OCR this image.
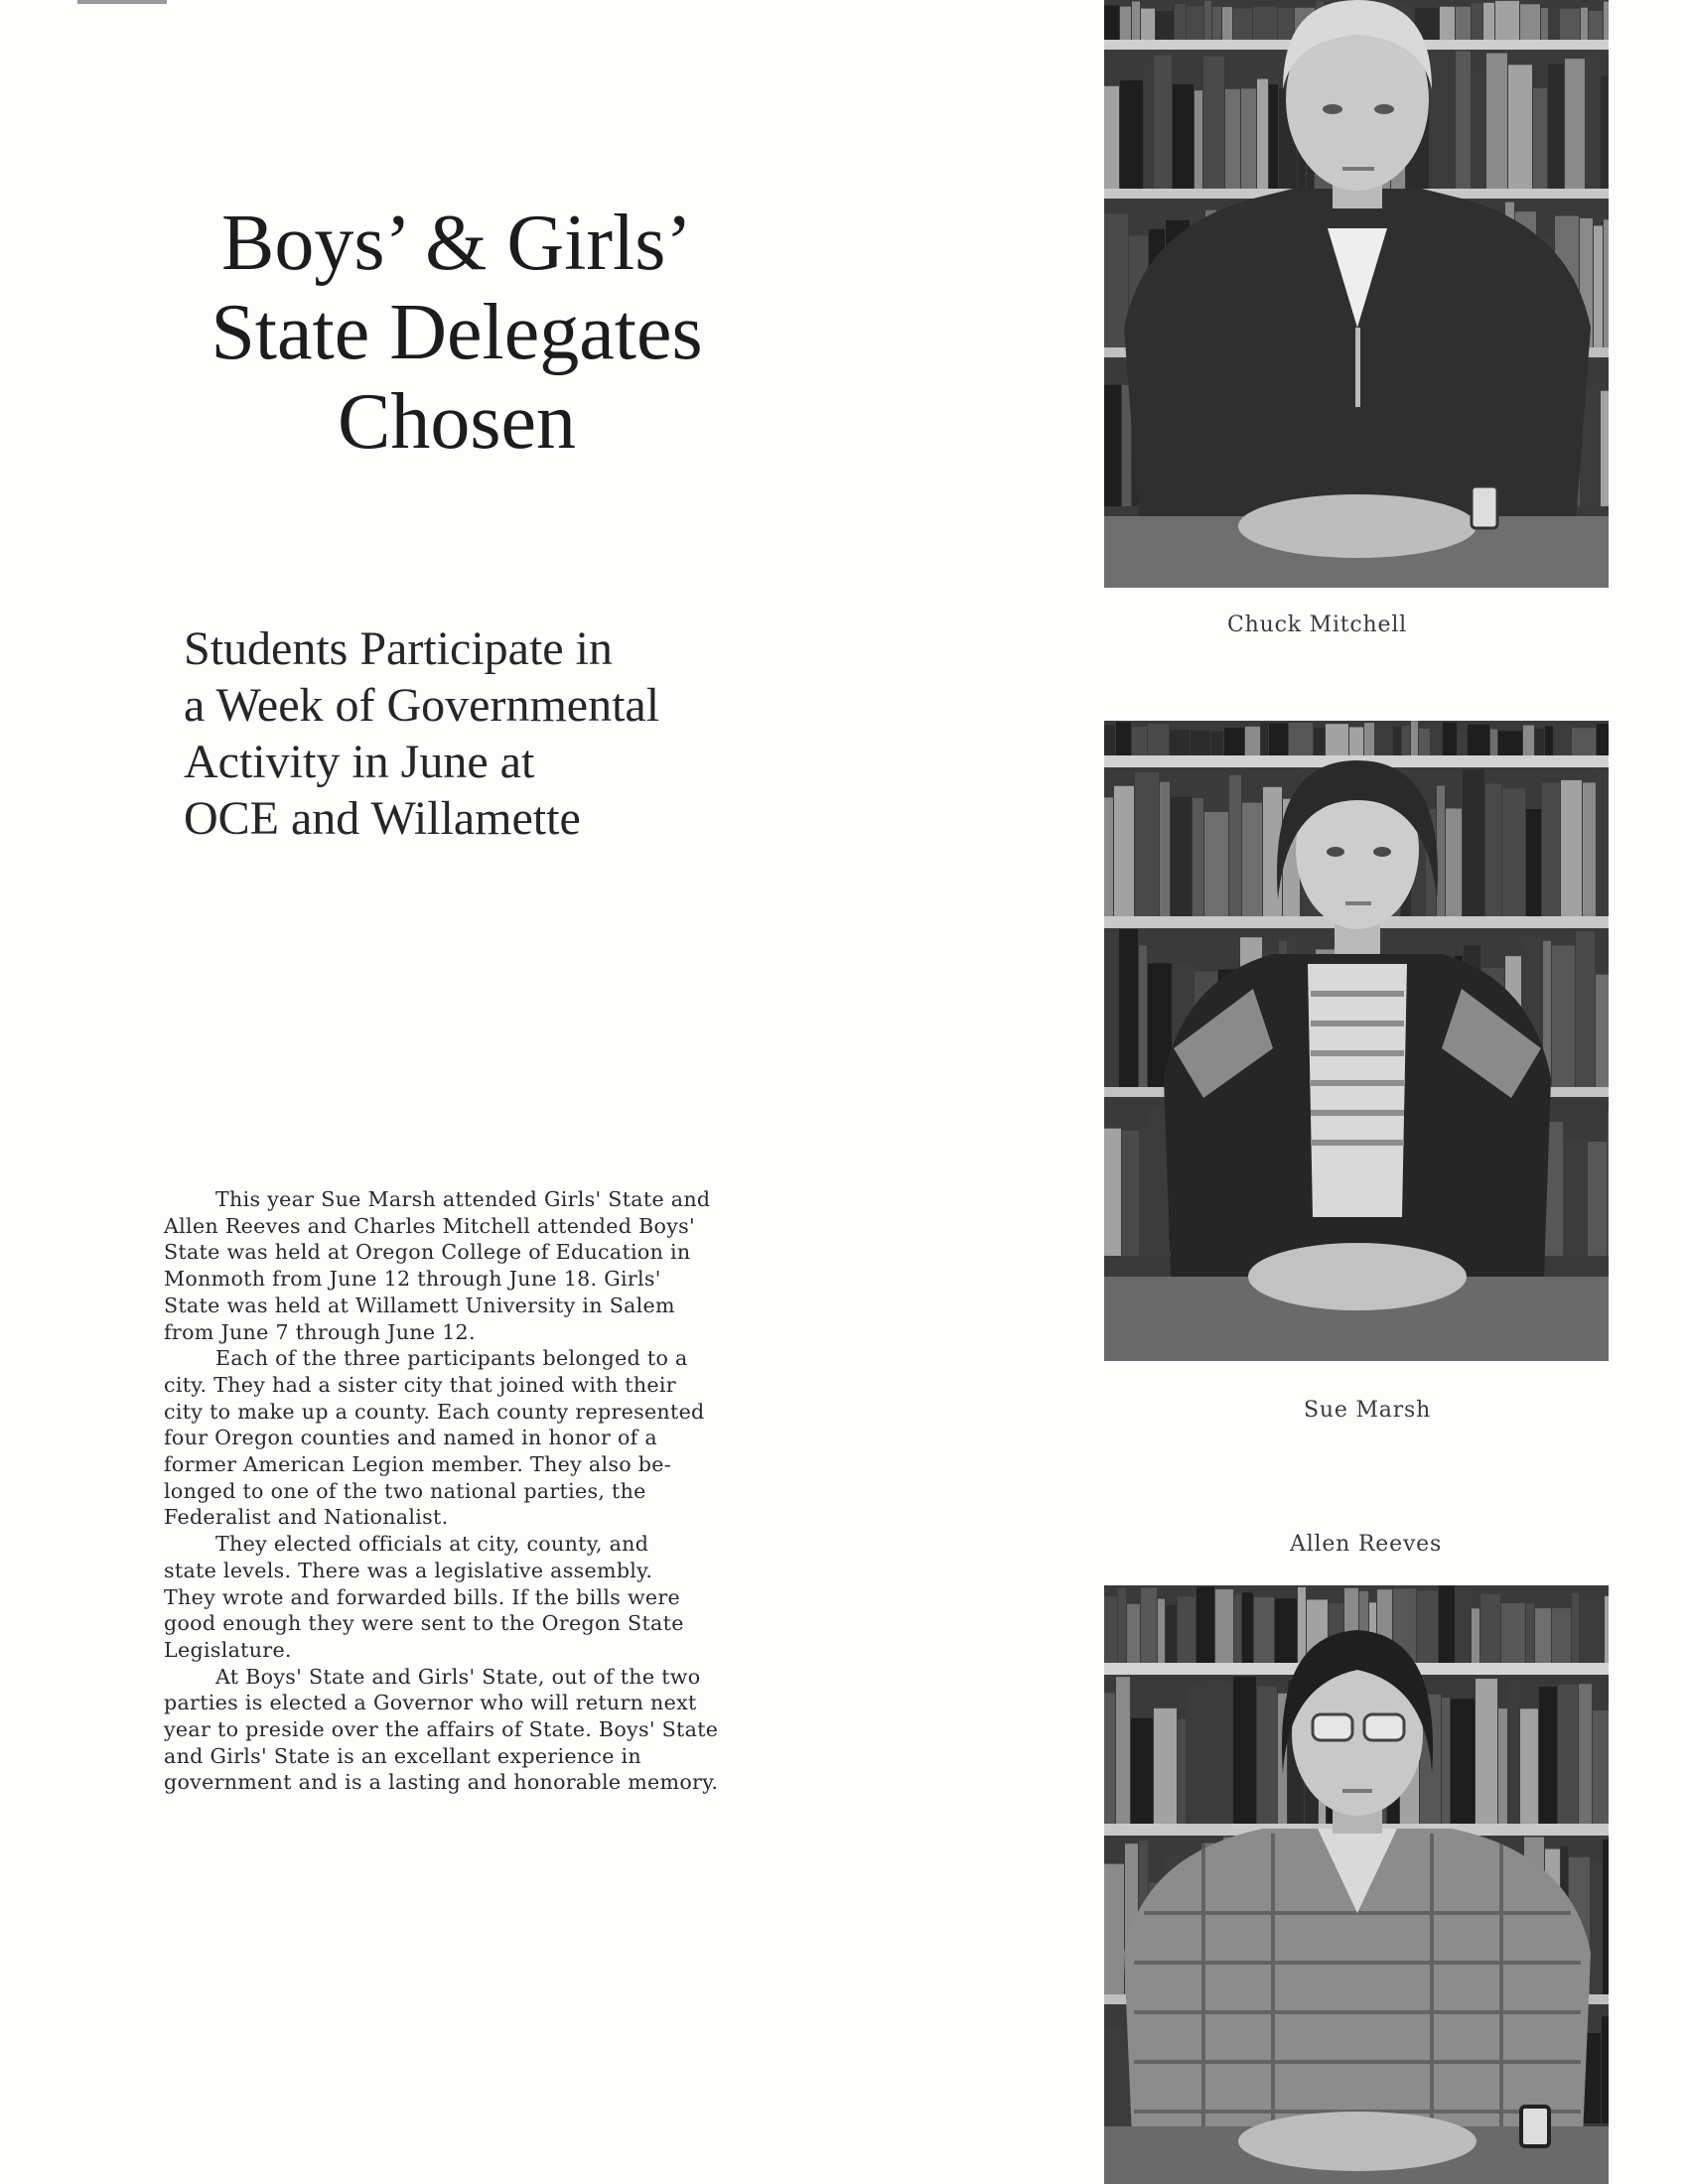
Boys’ & Girls’
State Delegates
Chosen
Students Participate in
a Week of Governmental
Activity in June at
OCE and Willamette
This year Sue Marsh attended Girls' State and
Allen Reeves and Charles Mitchell attended Boys'
State was held at Oregon College of Education in
Monmoth from June 12 through June 18. Girls'
State was held at Willamett University in Salem
from June 7 through June 12.
Each of the three participants belonged to a
city. They had a sister city that joined with their
city to make up a county. Each county represented
four Oregon counties and named in honor of a
former American Legion member. They also be-
longed to one of the two national parties, the
Federalist and Nationalist.
They elected officials at city, county, and
state levels. There was a legislative assembly.
They wrote and forwarded bills. If the bills were
good enough they were sent to the Oregon State
Legislature.
At Boys' State and Girls' State, out of the two
parties is elected a Governor who will return next
year to preside over the affairs of State. Boys' State
and Girls' State is an excellant experience in
government and is a lasting and honorable memory.
Chuck Mitchell
Sue Marsh
Allen Reeves
